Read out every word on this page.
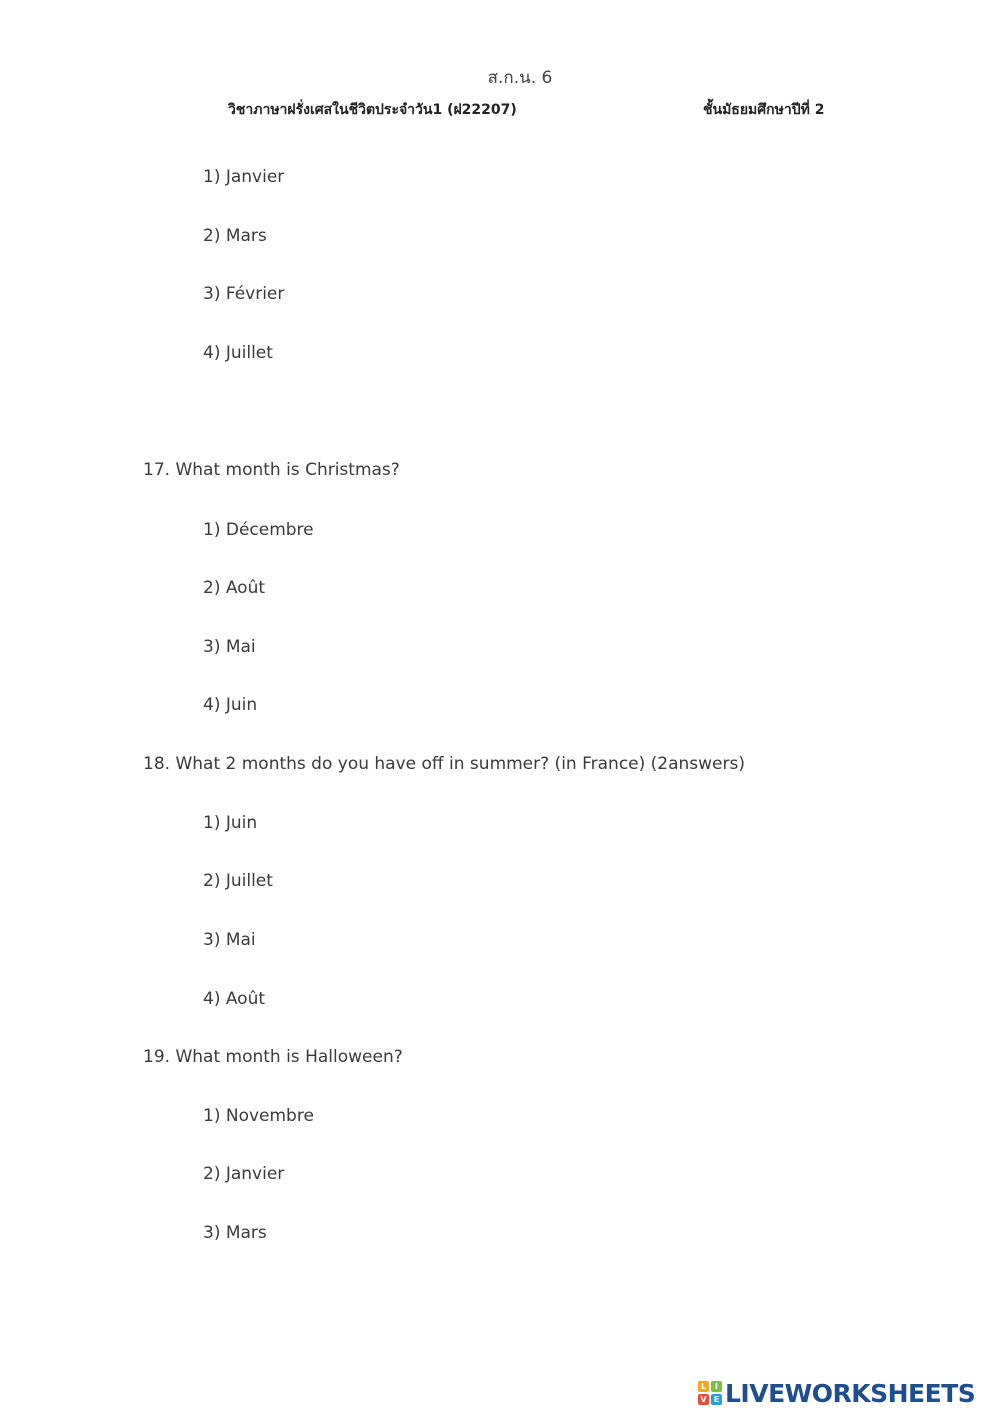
ส.ก.น. 6
วิชาภาษาฝรั่งเศสในชีวิตประจำวัน1 (ฝ22207)	ชั้นมัธยมศึกษาปีที่ 2
1) Janvier
2) Mars
3) Février
4) Juillet
17. What month is Christmas?
1) Décembre
2) Août
3) Mai
4) Juin
18. What 2 months do you have off in summer? (in France) (2answers)
1) Juin
2) Juillet
3) Mai
4) Août
19. What month is Halloween?
1) Novembre
2) Janvier
3) Mars
L	I
V E LIVEWORKSHEETS
